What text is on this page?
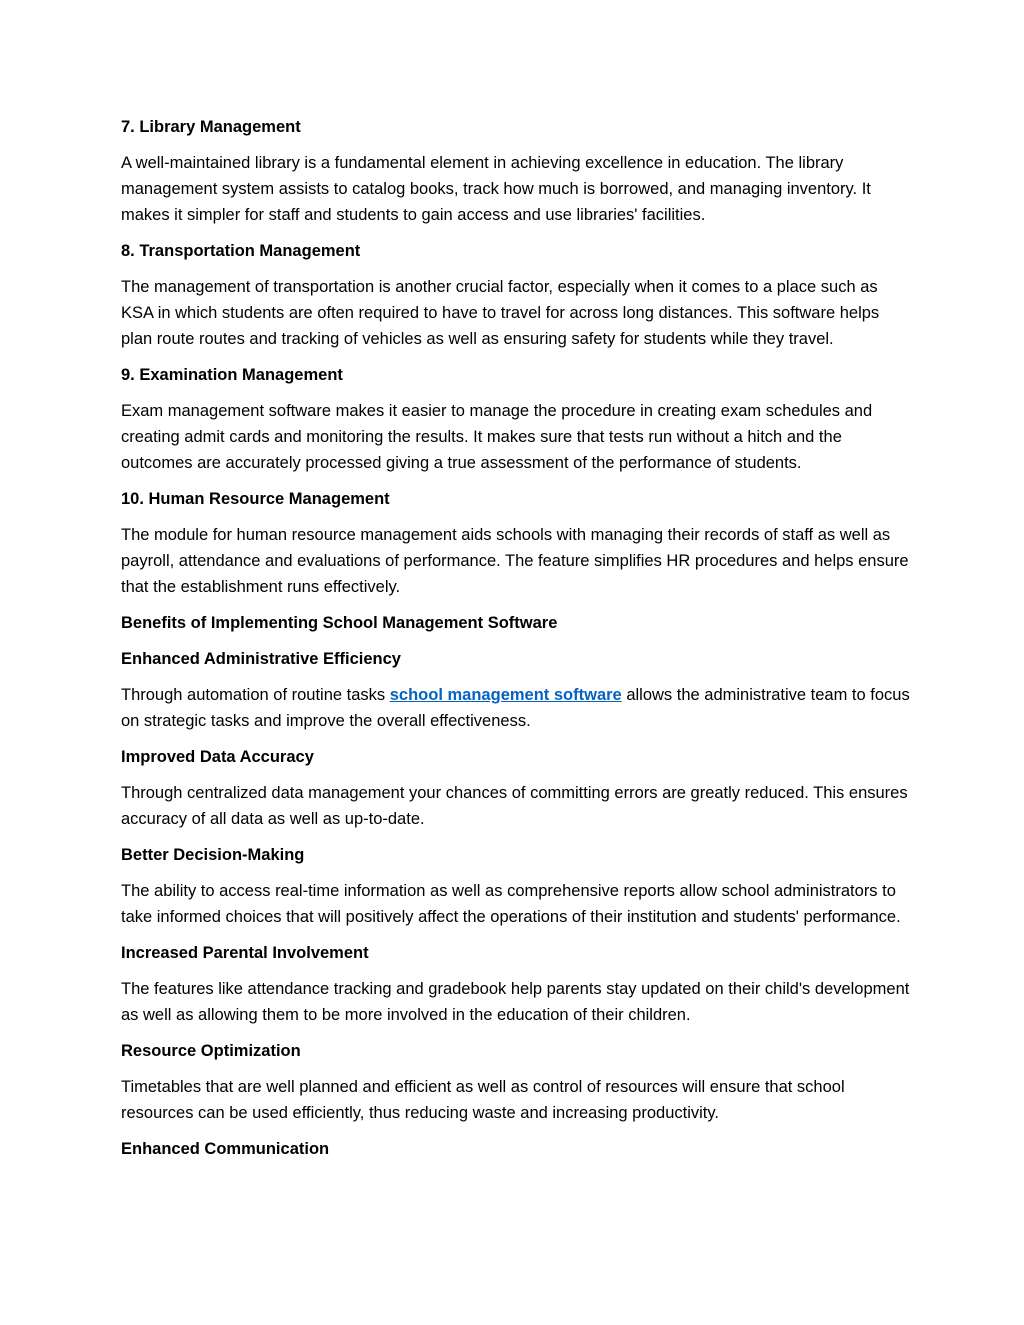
7. Library Management

A well-maintained library is a fundamental element in achieving excellence in education. The library management system assists to catalog books, track how much is borrowed, and managing inventory. It makes it simpler for staff and students to gain access and use libraries' facilities.

8. Transportation Management

The management of transportation is another crucial factor, especially when it comes to a place such as KSA in which students are often required to have to travel for across long distances. This software helps plan route routes and tracking of vehicles as well as ensuring safety for students while they travel.

9. Examination Management

Exam management software makes it easier to manage the procedure in creating exam schedules and creating admit cards and monitoring the results. It makes sure that tests run without a hitch and the outcomes are accurately processed giving a true assessment of the performance of students.

10. Human Resource Management

The module for human resource management aids schools with managing their records of staff as well as payroll, attendance and evaluations of performance. The feature simplifies HR procedures and helps ensure that the establishment runs effectively.

Benefits of Implementing School Management Software
Enhanced Administrative Efficiency

Through automation of routine tasks school management software allows the administrative team to focus on strategic tasks and improve the overall effectiveness.

Improved Data Accuracy

Through centralized data management your chances of committing errors are greatly reduced. This ensures accuracy of all data as well as up-to-date.

Better Decision-Making

The ability to access real-time information as well as comprehensive reports allow school administrators to take informed choices that will positively affect the operations of their institution and students' performance.

Increased Parental Involvement

The features like attendance tracking and gradebook help parents stay updated on their child's development as well as allowing them to be more involved in the education of their children.

Resource Optimization

Timetables that are well planned and efficient as well as control of resources will ensure that school resources can be used efficiently, thus reducing waste and increasing productivity.

Enhanced Communication
